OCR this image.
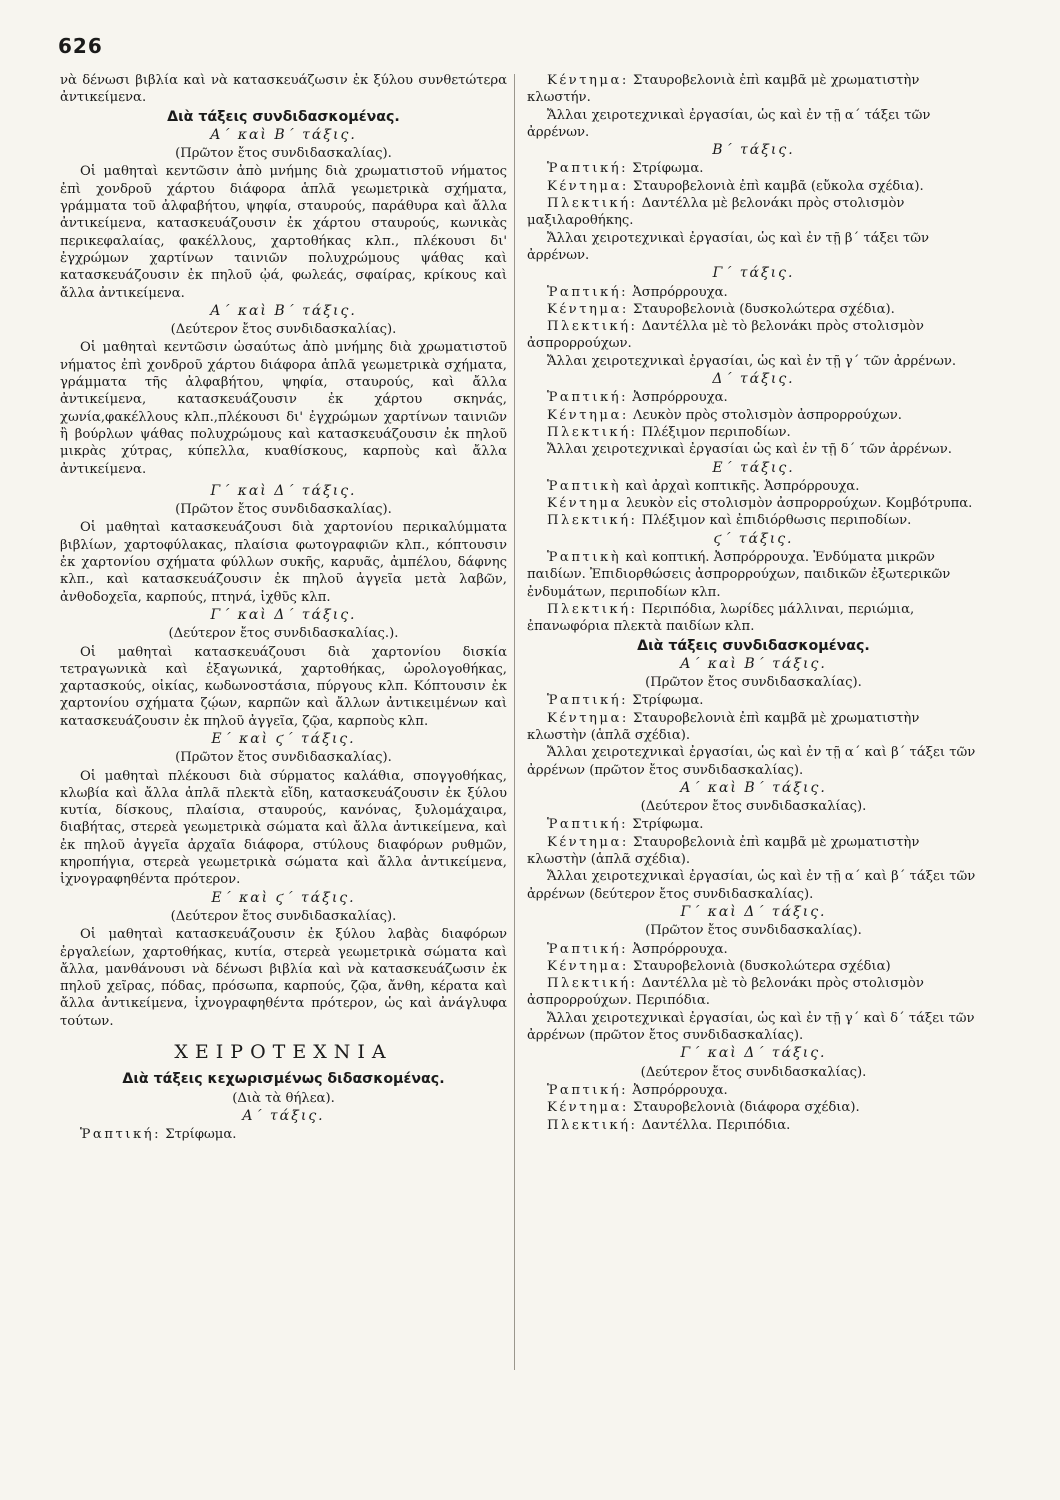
626

νὰ δένωσι βιβλία καὶ νὰ κατασκευάζωσιν ἐκ ξύλου συνθετώτερα ἀντικείμενα.

Διὰ τάξεις συνδιδασκομένας.
Α΄ καὶ Β΄ τάξις.
(Πρῶτον ἔτος συνδιδασκαλίας).

Οἱ μαθηταὶ κεντῶσιν ἀπὸ μνήμης διὰ χρωματιστοῦ νήματος ἐπὶ χονδροῦ χάρτου διάφορα ἁπλᾶ γεωμετρικὰ σχήματα, γράμματα τοῦ ἀλφαβήτου, ψηφία, σταυρούς, παράθυρα καὶ ἄλλα ἀντικείμενα, κατασκευάζουσιν ἐκ χάρτου σταυρούς, κωνικὰς περικεφαλαίας, φακέλλους, χαρτοθήκας κλπ., πλέκουσι δι' ἐγχρώμων χαρτίνων ταινιῶν πολυχρώμους ψάθας καὶ κατασκευάζουσιν ἐκ πηλοῦ ᾠά, φωλεάς, σφαίρας, κρίκους καὶ ἄλλα ἀντικείμενα.

Α΄ καὶ Β΄ τάξις.
(Δεύτερον ἔτος συνδιδασκαλίας).

Οἱ μαθηταὶ κεντῶσιν ὡσαύτως ἀπὸ μνήμης διὰ χρωματιστοῦ νήματος ἐπὶ χονδροῦ χάρτου διάφορα ἁπλᾶ γεωμετρικὰ σχήματα, γράμματα τῆς ἀλφαβήτου, ψηφία, σταυρούς, καὶ ἄλλα ἀντικείμενα, κατασκευάζουσιν ἐκ χάρτου σκηνάς, χωνία,φακέλλους κλπ.,πλέκουσι δι' ἐγχρώμων χαρτίνων ταινιῶν ἢ βούρλων ψάθας πολυχρώμους καὶ κατασκευάζουσιν ἐκ πηλοῦ μικρὰς χύτρας, κύπελλα, κυαθίσκους, καρποὺς καὶ ἄλλα ἀντικείμενα.

Γ΄ καὶ Δ΄ τάξις.
(Πρῶτον ἔτος συνδιδασκαλίας).

Οἱ μαθηταὶ κατασκευάζουσι διὰ χαρτονίου περικαλύμματα βιβλίων, χαρτοφύλακας, πλαίσια φωτογραφιῶν κλπ., κόπτουσιν ἐκ χαρτονίου σχήματα φύλλων συκῆς, καρυᾶς, ἀμπέλου, δάφνης κλπ., καὶ κατασκευάζουσιν ἐκ πηλοῦ ἀγγεῖα μετὰ λαβῶν, ἀνθοδοχεῖα, καρπούς, πτηνά, ἰχθῦς κλπ.

Γ΄ καὶ Δ΄ τάξις.
(Δεύτερον ἔτος συνδιδασκαλίας.).

Οἱ μαθηταὶ κατασκευάζουσι διὰ χαρτονίου δισκία τετραγωνικὰ καὶ ἑξαγωνικά, χαρτοθήκας, ὡρολογοθήκας, χαρτασκούς, οἰκίας, κωδωνοστάσια, πύργους κλπ. Κόπτουσιν ἐκ χαρτονίου σχήματα ζῴων, καρπῶν καὶ ἄλλων ἀντικειμένων καὶ κατασκευάζουσιν ἐκ πηλοῦ ἀγγεῖα, ζῷα, καρποὺς κλπ.

Ε΄ καὶ ϛ΄ τάξις.
(Πρῶτον ἔτος συνδιδασκαλίας).

Οἱ μαθηταὶ πλέκουσι διὰ σύρματος καλάθια, σπογγοθήκας, κλωβία καὶ ἄλλα ἁπλᾶ πλεκτὰ εἴδη, κατασκευάζουσιν ἐκ ξύλου κυτία, δίσκους, πλαίσια, σταυρούς, κανόνας, ξυλομάχαιρα, διαβήτας, στερεὰ γεωμετρικὰ σώματα καὶ ἄλλα ἀντικείμενα, καὶ ἐκ πηλοῦ ἀγγεῖα ἀρχαῖα διάφορα, στύλους διαφόρων ρυθμῶν, κηροπήγια, στερεὰ γεωμετρικὰ σώματα καὶ ἄλλα ἀντικείμενα, ἰχνογραφηθέντα πρότερον.

Ε΄ καὶ ϛ΄ τάξις.
(Δεύτερον ἔτος συνδιδασκαλίας).

Οἱ μαθηταὶ κατασκευάζουσιν ἐκ ξύλου λαβὰς διαφόρων ἐργαλείων, χαρτοθήκας, κυτία, στερεὰ γεωμετρικὰ σώματα καὶ ἄλλα, μανθάνουσι νὰ δένωσι βιβλία καὶ νὰ κατασκευάζωσιν ἐκ πηλοῦ χεῖρας, πόδας, πρόσωπα, καρπούς, ζῷα, ἄνθη, κέρατα καὶ ἄλλα ἀντικείμενα, ἰχνογραφηθέντα πρότερον, ὡς καὶ ἀνάγλυφα τούτων.

ΧΕΙΡΟΤΕΧΝΙΑ
Διὰ τάξεις κεχωρισμένως διδασκομένας.
(Διὰ τὰ θήλεα).
Α΄ τάξις.

Ῥαπτική: Στρίφωμα.

Κέντημα: Σταυροβελονιὰ ἐπὶ καμβᾶ μὲ χρωματιστὴν κλωστήν.

Ἄλλαι χειροτεχνικαὶ ἐργασίαι, ὡς καὶ ἐν τῇ α΄ τάξει τῶν ἀρρένων.

Β΄ τάξις.

Ῥαπτική: Στρίφωμα.

Κέντημα: Σταυροβελονιὰ ἐπὶ καμβᾶ (εὔκολα σχέδια).

Πλεκτική: Δαντέλλα μὲ βελονάκι πρὸς στολισμὸν μαξιλαροθήκης.

Ἄλλαι χειροτεχνικαὶ ἐργασίαι, ὡς καὶ ἐν τῇ β΄ τάξει τῶν ἀρρένων.

Γ΄ τάξις.

Ῥαπτική: Ἀσπρόρρουχα.

Κέντημα: Σταυροβελονιὰ (δυσκολώτερα σχέδια).

Πλεκτική: Δαντέλλα μὲ τὸ βελονάκι πρὸς στολισμὸν ἀσπρορρούχων.

Ἄλλαι χειροτεχνικαὶ ἐργασίαι, ὡς καὶ ἐν τῇ γ΄ τῶν ἀρρένων.

Δ΄ τάξις.

Ῥαπτική: Ἀσπρόρρουχα.

Κέντημα: Λευκὸν πρὸς στολισμὸν ἀσπρορρούχων.

Πλεκτική: Πλέξιμον περιποδίων.

Ἄλλαι χειροτεχνικαὶ ἐργασίαι ὡς καὶ ἐν τῇ δ΄ τῶν ἀρρένων.

Ε΄ τάξις.

Ῥαπτικὴ καὶ ἀρχαὶ κοπτικῆς. Ἀσπρόρρουχα.

Κέντημα λευκὸν εἰς στολισμὸν ἀσπρορρούχων. Κομβότρυπα.

Πλεκτική: Πλέξιμον καὶ ἐπιδιόρθωσις περιποδίων.

ϛ΄ τάξις.

Ῥαπτικὴ καὶ κοπτική. Ἀσπρόρρουχα. Ἐνδύματα μικρῶν παιδίων. Ἐπιδιορθώσεις ἀσπρορρούχων, παιδικῶν ἐξωτερικῶν ἐνδυμάτων, περιποδίων κλπ.

Πλεκτική: Περιπόδια, λωρίδες μάλλιναι, περιώμια, ἐπανωφόρια πλεκτὰ παιδίων κλπ.

Διὰ τάξεις συνδιδασκομένας.
Α΄ καὶ Β΄ τάξις.
(Πρῶτον ἔτος συνδιδασκαλίας).

Ῥαπτική: Στρίφωμα.

Κέντημα: Σταυροβελονιὰ ἐπὶ καμβᾶ μὲ χρωματιστὴν κλωστὴν (ἁπλᾶ σχέδια).

Ἄλλαι χειροτεχνικαὶ ἐργασίαι, ὡς καὶ ἐν τῇ α΄ καὶ β΄ τάξει τῶν ἀρρένων (πρῶτον ἔτος συνδιδασκαλίας).

Α΄ καὶ Β΄ τάξις.
(Δεύτερον ἔτος συνδιδασκαλίας).

Ῥαπτική: Στρίφωμα.

Κέντημα: Σταυροβελονιὰ ἐπὶ καμβᾶ μὲ χρωματιστὴν κλωστὴν (ἁπλᾶ σχέδια).

Ἄλλαι χειροτεχνικαὶ ἐργασίαι, ὡς καὶ ἐν τῇ α΄ καὶ β΄ τάξει τῶν ἀρρένων (δεύτερον ἔτος συνδιδασκαλίας).

Γ΄ καὶ Δ΄ τάξις.
(Πρῶτον ἔτος συνδιδασκαλίας).

Ῥαπτική: Ἀσπρόρρουχα.

Κέντημα: Σταυροβελονιὰ (δυσκολώτερα σχέδια)

Πλεκτική: Δαντέλλα μὲ τὸ βελονάκι πρὸς στολισμὸν ἀσπρορρούχων. Περιπόδια.

Ἄλλαι χειροτεχνικαὶ ἐργασίαι, ὡς καὶ ἐν τῇ γ΄ καὶ δ΄ τάξει τῶν ἀρρένων (πρῶτον ἔτος συνδιδασκαλίας).

Γ΄ καὶ Δ΄ τάξις.
(Δεύτερον ἔτος συνδιδασκαλίας).

Ῥαπτική: Ἀσπρόρρουχα.

Κέντημα: Σταυροβελονιὰ (διάφορα σχέδια).

Πλεκτική: Δαντέλλα. Περιπόδια.
